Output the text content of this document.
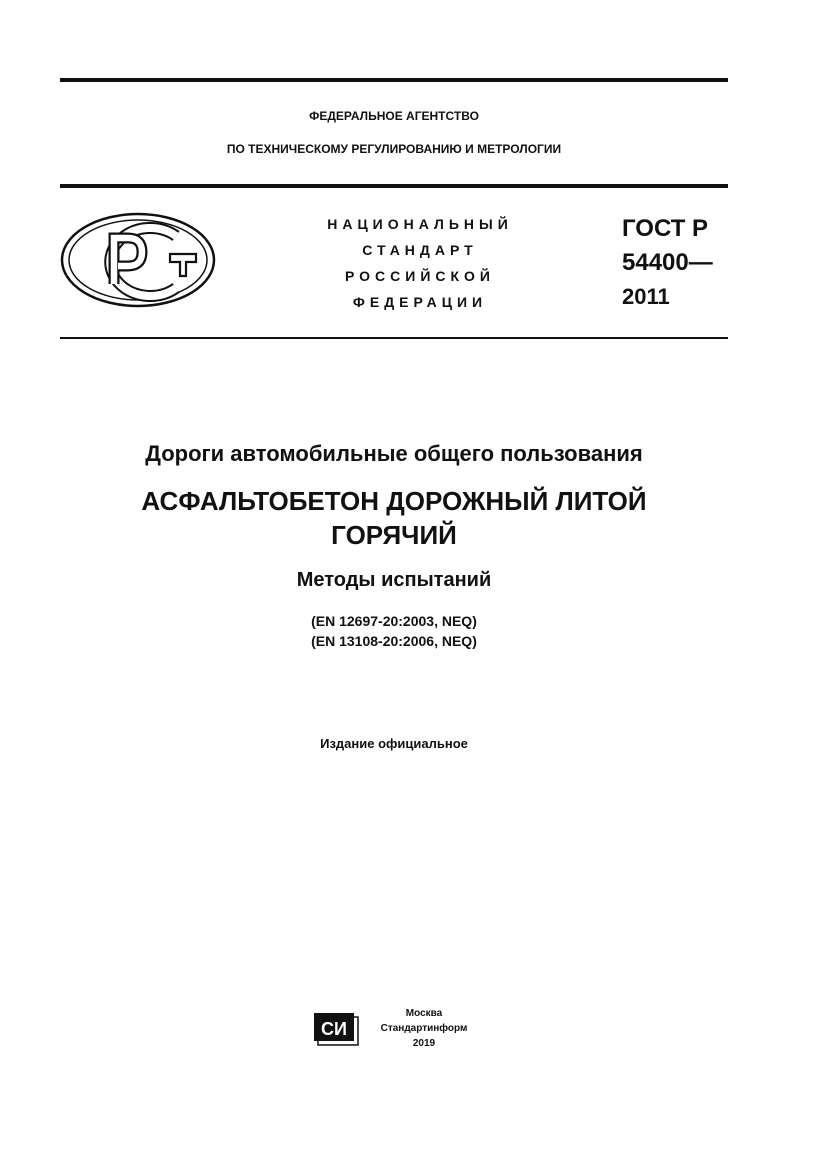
ФЕДЕРАЛЬНОЕ АГЕНТСТВО
ПО ТЕХНИЧЕСКОМУ РЕГУЛИРОВАНИЮ И МЕТРОЛОГИИ
НАЦИОНАЛЬНЫЙ
СТАНДАРТ
РОССИЙСКОЙ
ФЕДЕРАЦИИ
ГОСТ Р
54400—
2011
Дороги автомобильные общего пользования
АСФАЛЬТОБЕТОН ДОРОЖНЫЙ ЛИТОЙ
ГОРЯЧИЙ
Методы испытаний
(EN 12697-20:2003, NEQ)
(EN 13108-20:2006, NEQ)
Издание официальное
СИ
Москва
Стандартинформ
2019
